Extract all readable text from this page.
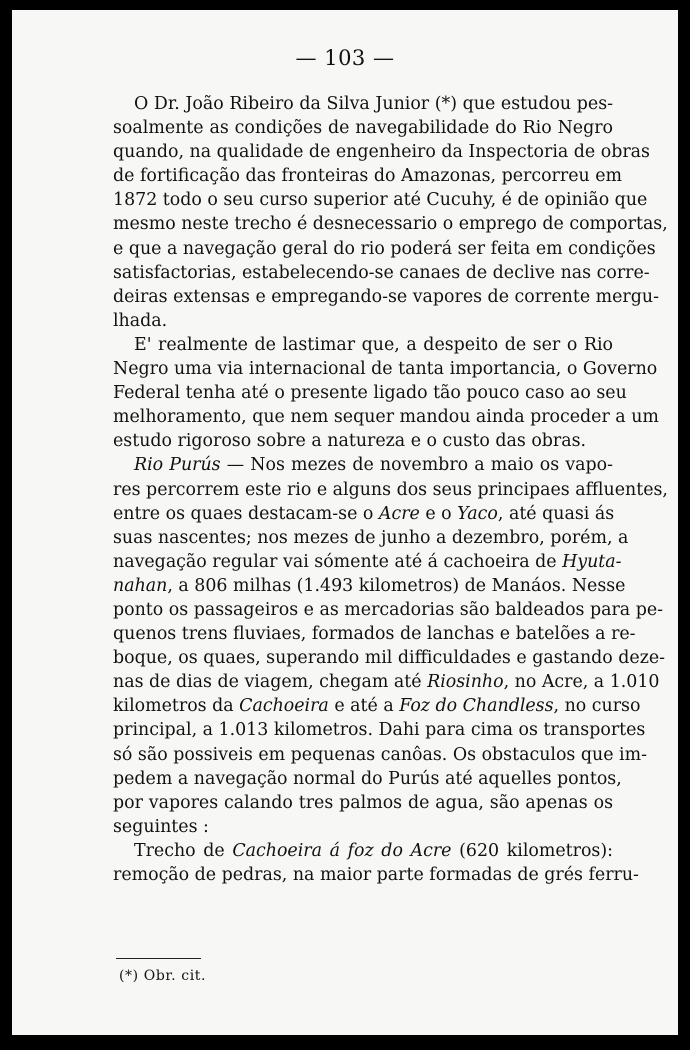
— 103 —

O Dr. João Ribeiro da Silva Junior (*) que estudou pes-
soalmente as condições de navegabilidade do Rio Negro
quando, na qualidade de engenheiro da Inspectoria de obras
de fortificação das fronteiras do Amazonas, percorreu em
1872 todo o seu curso superior até Cucuhy, é de opinião que
mesmo neste trecho é desnecessario o emprego de comportas,
e que a navegação geral do rio poderá ser feita em condições
satisfactorias, estabelecendo-se canaes de declive nas corre-
deiras extensas e empregando-se vapores de corrente mergu-
lhada.

E' realmente de lastimar que, a despeito de ser o Rio
Negro uma via internacional de tanta importancia, o Governo
Federal tenha até o presente ligado tão pouco caso ao seu
melhoramento, que nem sequer mandou ainda proceder a um
estudo rigoroso sobre a natureza e o custo das obras.

Rio Purús — Nos mezes de novembro a maio os vapo-
res percorrem este rio e alguns dos seus principaes affluentes,
entre os quaes destacam-se o Acre e o Yaco, até quasi ás
suas nascentes; nos mezes de junho a dezembro, porém, a
navegação regular vai sómente até á cachoeira de Hyuta-
nahan, a 806 milhas (1.493 kilometros) de Manáos. Nesse
ponto os passageiros e as mercadorias são baldeados para pe-
quenos trens fluviaes, formados de lanchas e batelões a re-
boque, os quaes, superando mil difficuldades e gastando deze-
nas de dias de viagem, chegam até Riosinho, no Acre, a 1.010
kilometros da Cachoeira e até a Foz do Chandless, no curso
principal, a 1.013 kilometros. Dahi para cima os transportes
só são possiveis em pequenas canôas. Os obstaculos que im-
pedem a navegação normal do Purús até aquelles pontos,
por vapores calando tres palmos de agua, são apenas os
seguintes :

Trecho de Cachoeira á foz do Acre (620 kilometros):
remoção de pedras, na maior parte formadas de grés ferru-

(*) Obr. cit.
